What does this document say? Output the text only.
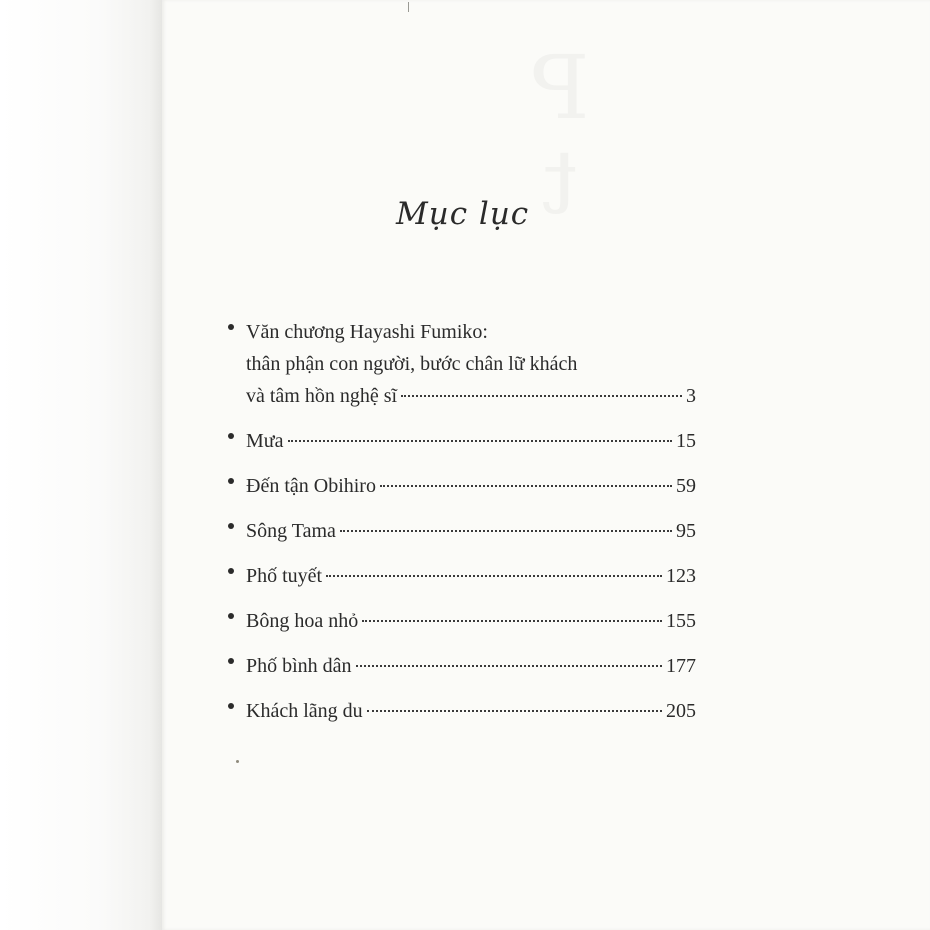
Mục lục
Văn chương Hayashi Fumiko:
thân phận con người, bước chân lữ khách
và tâm hồn nghệ sĩ	3
Mưa	15
Đến tận Obihiro	59
Sông Tama	95
Phố tuyết	123
Bông hoa nhỏ	155
Phố bình dân	177
Khách lãng du	205
